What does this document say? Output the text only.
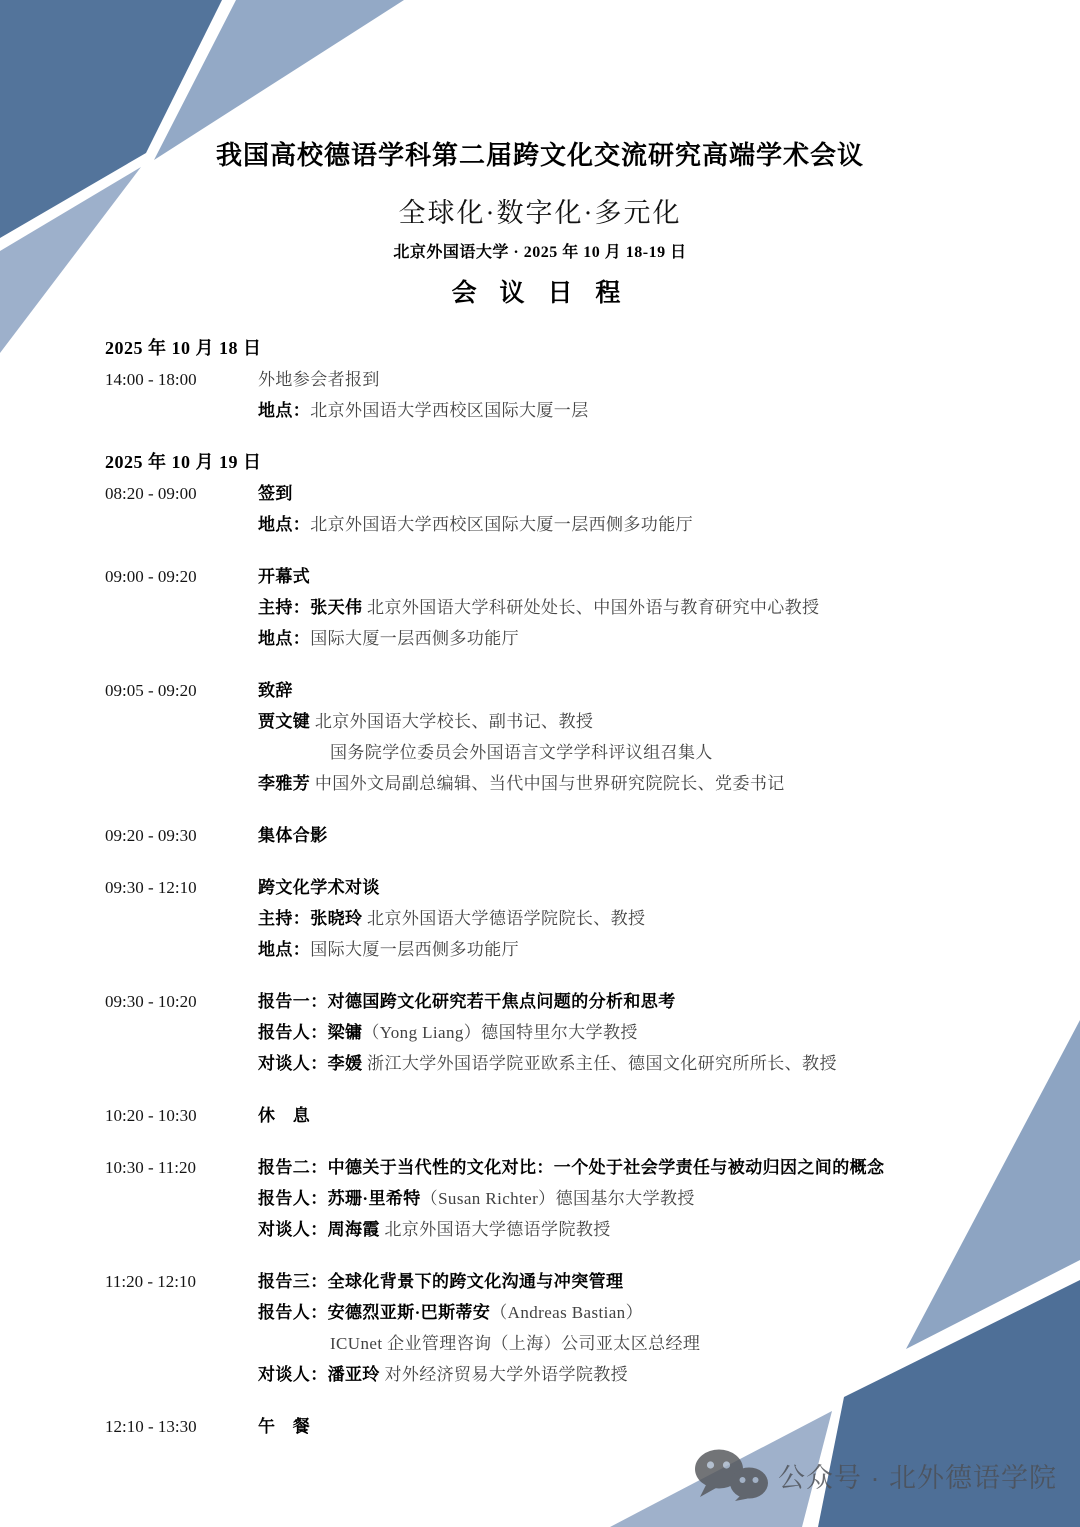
我国高校德语学科第二届跨文化交流研究高端学术会议
全球化·数字化·多元化
北京外国语大学 · 2025 年 10 月 18-19 日
会 议 日 程
2025 年 10 月 18 日
14:00 - 18:00	外地参会者报到
地点：北京外国语大学西校区国际大厦一层
2025 年 10 月 19 日
08:20 - 09:00	签到
地点：北京外国语大学西校区国际大厦一层西侧多功能厅
09:00 - 09:20	开幕式
主持：张天伟 北京外国语大学科研处处长、中国外语与教育研究中心教授
地点：国际大厦一层西侧多功能厅
09:05 - 09:20	致辞
贾文键 北京外国语大学校长、副书记、教授
国务院学位委员会外国语言文学学科评议组召集人
李雅芳 中国外文局副总编辑、当代中国与世界研究院院长、党委书记
09:20 - 09:30	集体合影
09:30 - 12:10	跨文化学术对谈
主持：张晓玲 北京外国语大学德语学院院长、教授
地点：国际大厦一层西侧多功能厅
09:30 - 10:20	报告一：对德国跨文化研究若干焦点问题的分析和思考
报告人：梁镛（Yong Liang）德国特里尔大学教授
对谈人：李媛 浙江大学外国语学院亚欧系主任、德国文化研究所所长、教授
10:20 - 10:30	休　息
10:30 - 11:20	报告二：中德关于当代性的文化对比：一个处于社会学责任与被动归因之间的概念
报告人：苏珊·里希特（Susan Richter）德国基尔大学教授
对谈人：周海霞 北京外国语大学德语学院教授
11:20 - 12:10	报告三：全球化背景下的跨文化沟通与冲突管理
报告人：安德烈亚斯·巴斯蒂安（Andreas Bastian）
ICUnet 企业管理咨询（上海）公司亚太区总经理
对谈人：潘亚玲 对外经济贸易大学外语学院教授
12:10 - 13:30	午　餐
公众号 · 北外德语学院
